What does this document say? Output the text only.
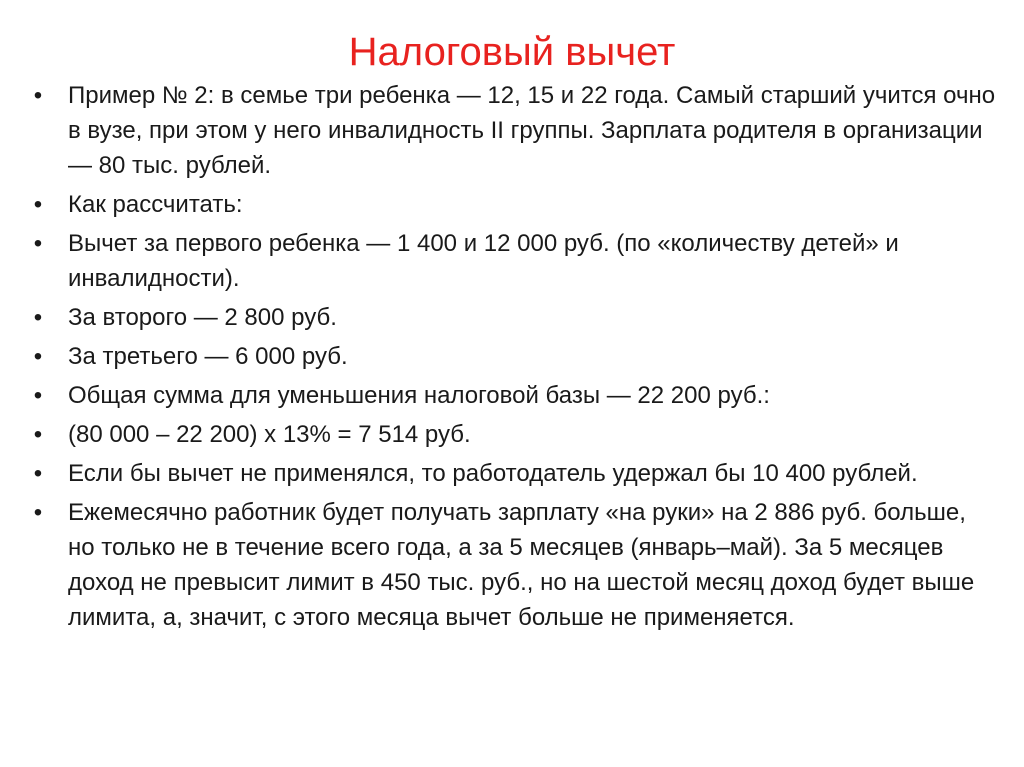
Налоговый вычет
• Пример № 2: в семье три ребенка — 12, 15 и 22 года. Самый старший учится очно в вузе, при этом у него инвалидность II группы. Зарплата родителя в организации — 80 тыс. рублей.
• Как рассчитать:
• Вычет за первого ребенка — 1 400 и 12 000 руб. (по «количеству детей» и инвалидности).
• За второго — 2 800 руб.
• За третьего — 6 000 руб.
• Общая сумма для уменьшения налоговой базы — 22 200 руб.:
• (80 000 – 22 200) х 13% = 7 514 руб.
• Если бы вычет не применялся, то работодатель удержал бы 10 400 рублей.
• Ежемесячно работник будет получать зарплату «на руки» на 2 886 руб. больше, но только не в течение всего года, а за 5 месяцев (январь–май). За 5 месяцев доход не превысит лимит в 450 тыс. руб., но на шестой месяц доход будет выше лимита, а, значит, с этого месяца вычет больше не применяется.
